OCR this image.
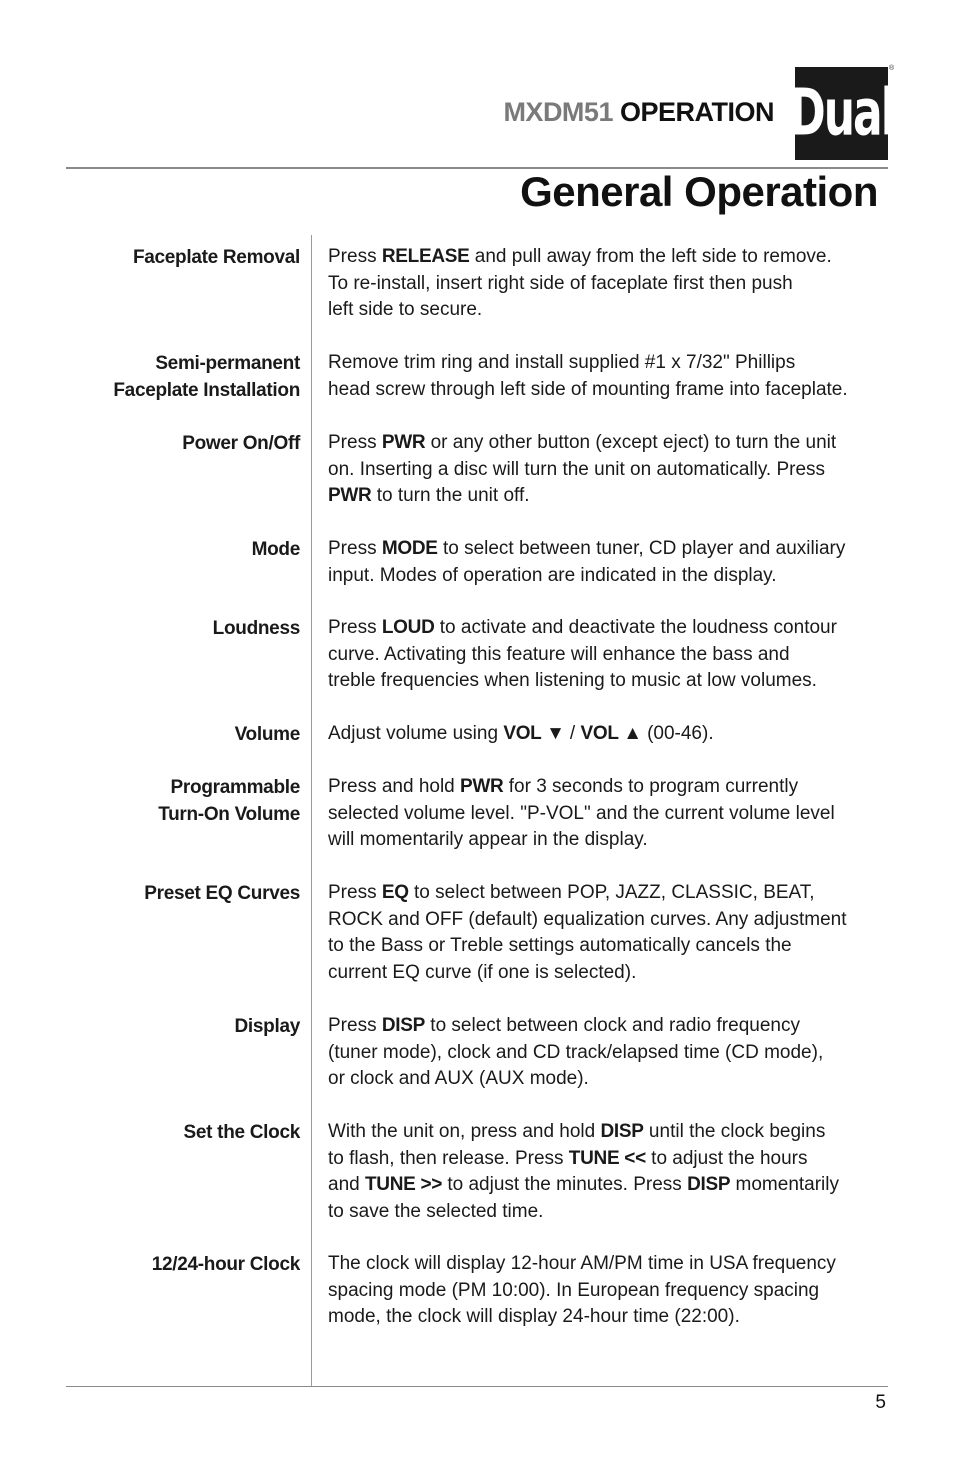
MXDM51 OPERATION Dual
®
General Operation
Faceplate Removal Press RELEASE and pull away from the left side to remove.
To re-install, insert right side of faceplate first then push
left side to secure.
Semi-permanent
Faceplate Installation
Remove trim ring and install supplied #1 x 7/32" Phillips
head screw through left side of mounting frame into faceplate.
Power On/Off Press PWR or any other button (except eject) to turn the unit
on. Inserting a disc will turn the unit on automatically. Press
PWR to turn the unit off.
Mode Press MODE to select between tuner, CD player and auxiliary
input. Modes of operation are indicated in the display.
Loudness Press LOUD to activate and deactivate the loudness contour
curve. Activating this feature will enhance the bass and
treble frequencies when listening to music at low volumes.
Volume Adjust volume using VOL ▼ / VOL ▲ (00-46).
Programmable
Turn-On Volume
Press and hold PWR for 3 seconds to program currently
selected volume level. "P-VOL" and the current volume level
will momentarily appear in the display.
Preset EQ Curves Press EQ to select between POP, JAZZ, CLASSIC, BEAT,
ROCK and OFF (default) equalization curves. Any adjustment
to the Bass or Treble settings automatically cancels the
current EQ curve (if one is selected).
Display Press DISP to select between clock and radio frequency
(tuner mode), clock and CD track/elapsed time (CD mode),
or clock and AUX (AUX mode).
Set the Clock With the unit on, press and hold DISP until the clock begins
to flash, then release. Press TUNE << to adjust the hours
and TUNE >> to adjust the minutes. Press DISP momentarily
to save the selected time.
12/24-hour Clock The clock will display 12-hour AM/PM time in USA frequency
spacing mode (PM 10:00). In European frequency spacing
mode, the clock will display 24-hour time (22:00).
5
